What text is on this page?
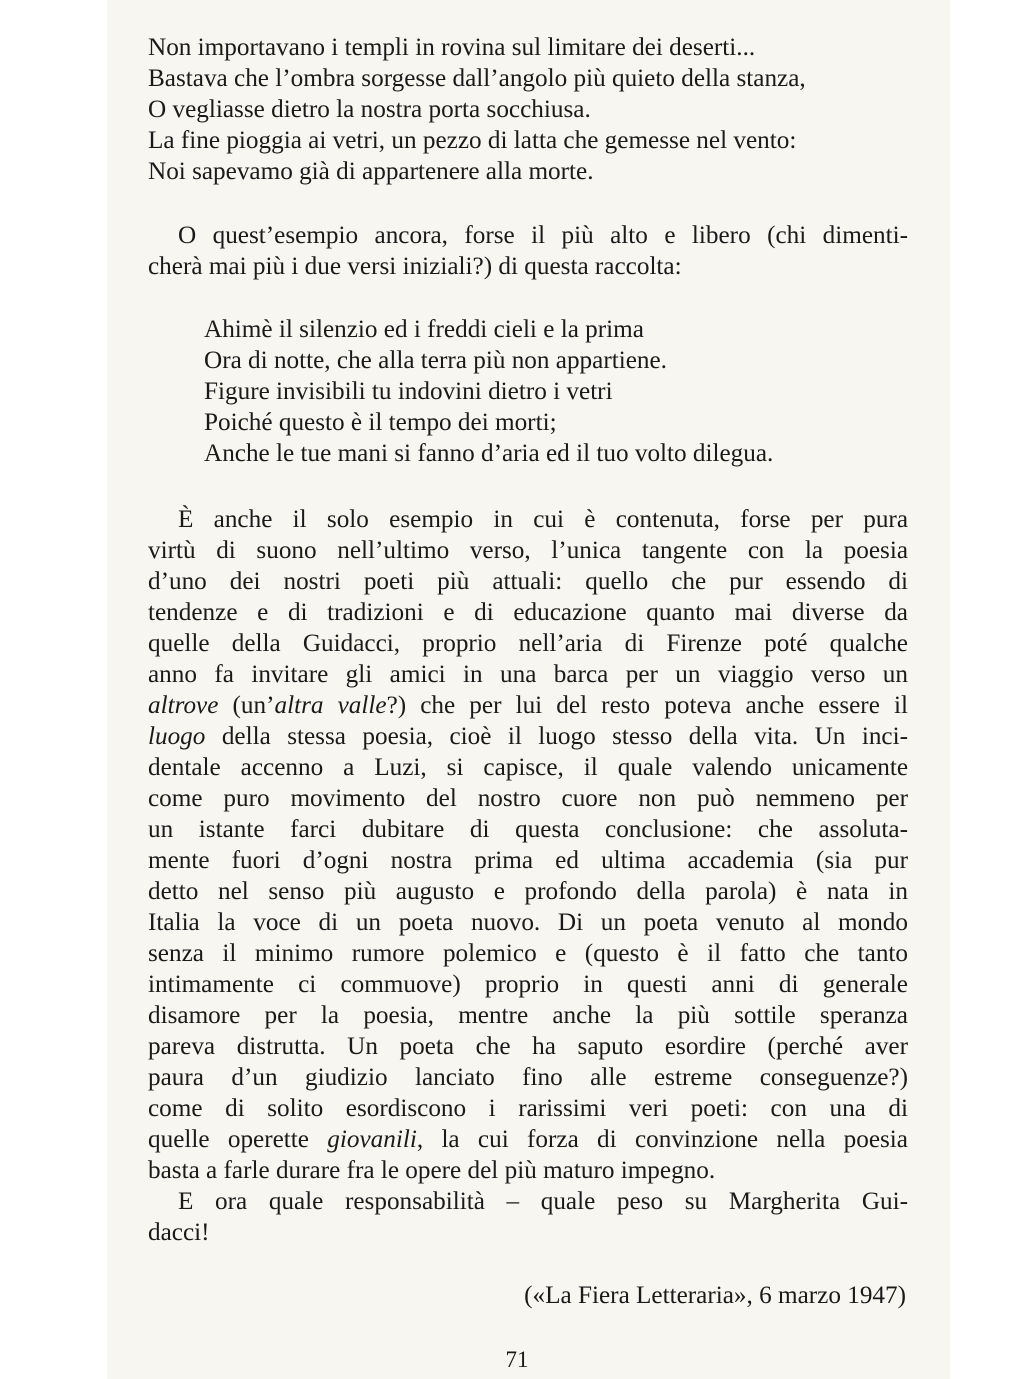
Non importavano i templi in rovina sul limitare dei deserti...
Bastava che l’ombra sorgesse dall’angolo più quieto della stanza,
O vegliasse dietro la nostra porta socchiusa.
La fine pioggia ai vetri, un pezzo di latta che gemesse nel vento:
Noi sapevamo già di appartenere alla morte.
O quest’esempio ancora, forse il più alto e libero (chi dimenti-
cherà mai più i due versi iniziali?) di questa raccolta:
Ahimè il silenzio ed i freddi cieli e la prima
Ora di notte, che alla terra più non appartiene.
Figure invisibili tu indovini dietro i vetri
Poiché questo è il tempo dei morti;
Anche le tue mani si fanno d’aria ed il tuo volto dilegua.
È anche il solo esempio in cui è contenuta, forse per pura
virtù di suono nell’ultimo verso, l’unica tangente con la poesia
d’uno dei nostri poeti più attuali: quello che pur essendo di
tendenze e di tradizioni e di educazione quanto mai diverse da
quelle della Guidacci, proprio nell’aria di Firenze poté qualche
anno fa invitare gli amici in una barca per un viaggio verso un
altrove (un’altra valle?) che per lui del resto poteva anche essere il
luogo della stessa poesia, cioè il luogo stesso della vita. Un inci-
dentale accenno a Luzi, si capisce, il quale valendo unicamente
come puro movimento del nostro cuore non può nemmeno per
un istante farci dubitare di questa conclusione: che assoluta-
mente fuori d’ogni nostra prima ed ultima accademia (sia pur
detto nel senso più augusto e profondo della parola) è nata in
Italia la voce di un poeta nuovo. Di un poeta venuto al mondo
senza il minimo rumore polemico e (questo è il fatto che tanto
intimamente ci commuove) proprio in questi anni di generale
disamore per la poesia, mentre anche la più sottile speranza
pareva distrutta. Un poeta che ha saputo esordire (perché aver
paura d’un giudizio lanciato fino alle estreme conseguenze?)
come di solito esordiscono i rarissimi veri poeti: con una di
quelle operette giovanili, la cui forza di convinzione nella poesia
basta a farle durare fra le opere del più maturo impegno.
E ora quale responsabilità – quale peso su Margherita Gui-
dacci!
(«La Fiera Letteraria», 6 marzo 1947)
71
